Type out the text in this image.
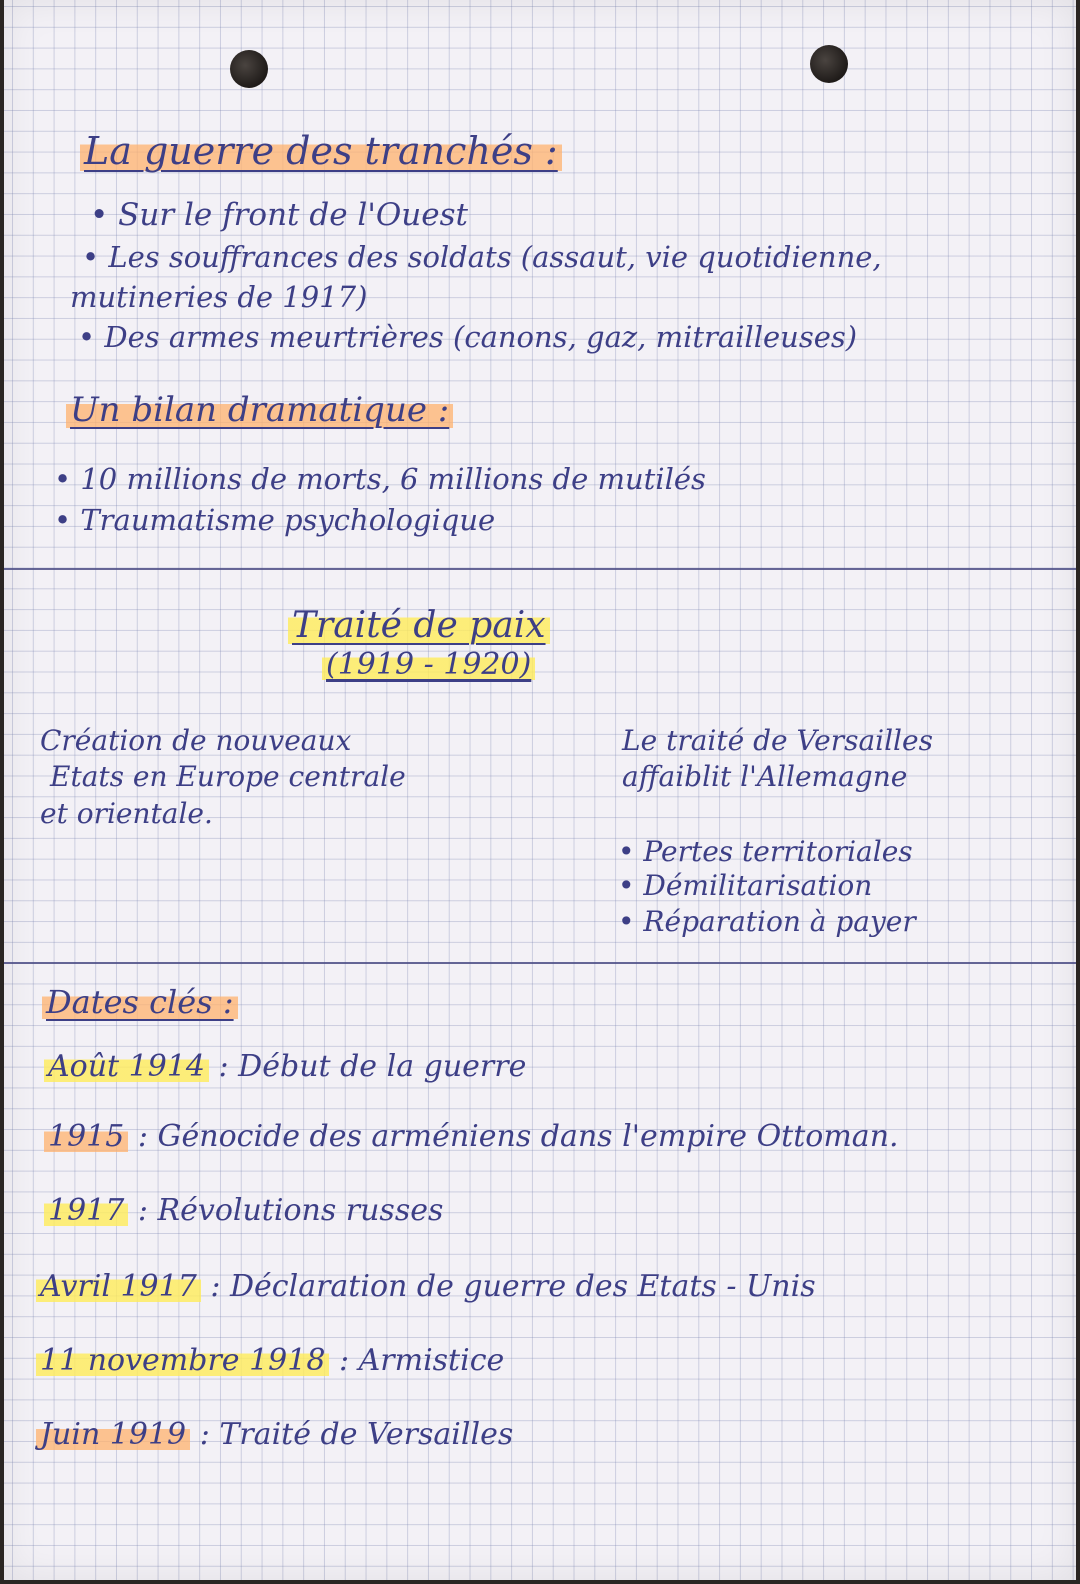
La guerre des tranchés :
• Sur le front de l'Ouest
• Les souffrances des soldats (assaut, vie quotidienne,
mutineries de 1917)
• Des armes meurtrières (canons, gaz, mitrailleuses)
Un bilan dramatique :
• 10 millions de morts, 6 millions de mutilés
• Traumatisme psychologique
Traité de paix
(1919 - 1920)
Création de nouveaux
Etats en Europe centrale
et orientale.
Le traité de Versailles
affaiblit l'Allemagne
• Pertes territoriales
• Démilitarisation
• Réparation à payer
Dates clés :
Août 1914 : Début de la guerre
1915 : Génocide des arméniens dans l'empire Ottoman.
1917 : Révolutions russes
Avril 1917 : Déclaration de guerre des Etats - Unis
11 novembre 1918 : Armistice
Juin 1919 : Traité de Versailles
